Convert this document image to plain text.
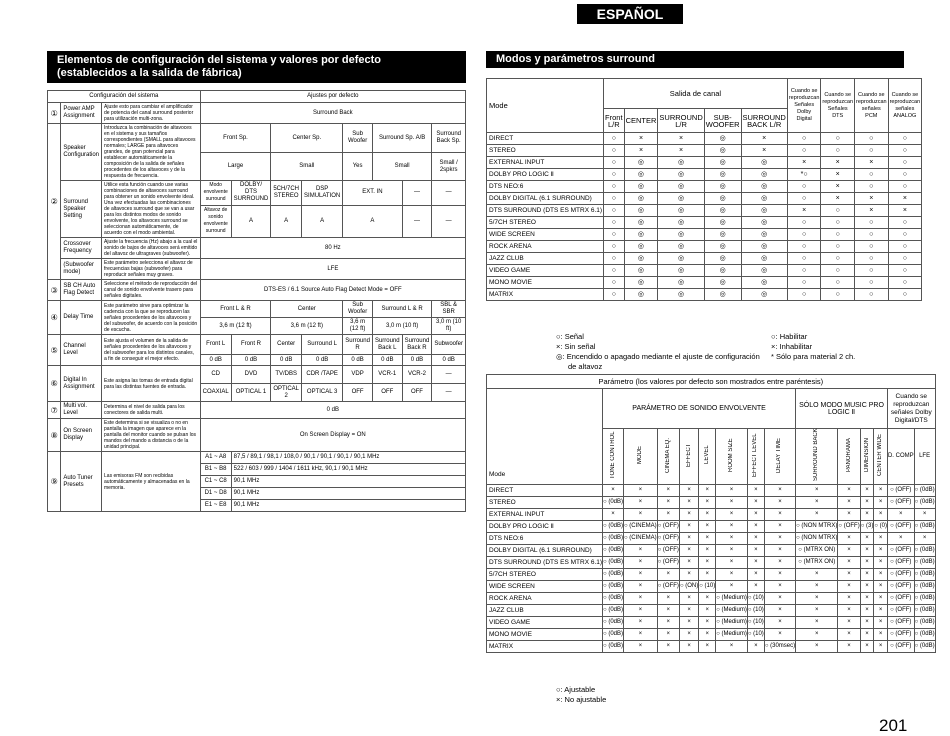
ESPAÑOL
Elementos de configuración del sistema y valores por defecto
(establecidos a la salida de fábrica)
Modos y parámetros surround
Configuración del sistema			Ajustes por defecto							
①	Power AMP Assignment	Ajuste esto para cambiar el amplificador de potencia del canal surround posterior para utilización multi-zona.	Surround Back							
②	Speaker Configuration	Introduzca la combinación de altavoces en el sistema y sus tamaños correspondientes (SMALL para altavoces normales; LARGE para altavoces grandes, de gran potencial para establecer automáticamente la composición de la salida de señales procedentes de los altavoces y de la respuesta de frecuencia.	Front Sp.		Center Sp.		Sub Woofer	Surround Sp. A/B		Surround Back Sp.
			Large		Small		Yes	Small		Small / 2spkrs
	Surround Speaker Setting	Utilice esta función cuando use varias combinaciones de altavoces surround para obtener un sonido envolvente ideal. Una vez efectuadas las combinaciones de altavoces surround que se van a usar para los distintos modos de sonido envolvente, los altavoces surround se seleccionan automáticamente, de acuerdo con el modo ambiental.	Modo envolvente surround	DOLBY/ DTS SURROUND	5CH/7CH STEREO	DSP SIMULATION	EXT. IN		—	—
			Altavoz de sonido envolvente surround	A	A	A	A		—	—
	Crossover Frequency	Ajuste la frecuencia (Hz) abajo a la cual el sonido de bajos de altavoces será emitido del altavoz de ultragraves (subwoofer).	80 Hz							
	(Subwoofer mode)	Este parámetro selecciona el altavoz de frecuencias bajas (subwoofer) para reproducir señales muy graves.	LFE							
③	SB CH Auto Flag Detect	Seleccione el método de reproducción del canal de sonido envolvente trasero para señales digitales.	DTS-ES / 6.1 Source Auto Flag Detect Mode = OFF							
④	Delay Time	Este parámetro sirve para optimizar la cadencia con la que se reproducen las señales procedentes de los altavoces y del subwoofer, de acuerdo con la posición de escucha.	Front L & R		Center		Sub Woofer	Surround L & R		SBL & SBR
			3,6 m (12 ft)		3,6 m (12 ft)		3,6 m (12 ft)	3,0 m (10 ft)		3,0 m (10 ft)
⑤	Channel Level	Este ajusta el volumen de la salida de señales procedentes de los altavoces y del subwoofer para los distintos canales, a fin de conseguir el mejor efecto.	Front L	Front R	Center	Surround L	Surround R	Surround Back L	Surround Back R	Subwoofer
			0 dB	0 dB	0 dB	0 dB	0 dB	0 dB	0 dB	0 dB
⑥	Digital In Assignment	Este asigna las tomas de entrada digital para las distintas fuentes de entrada.	CD	DVD	TV/DBS	CDR /TAPE	VDP	VCR-1	VCR-2	—
			COAXIAL	OPTICAL 1	OPTICAL 2	OPTICAL 3	OFF	OFF	OFF	—
⑦	Multi vol. Level	Determina el nivel de salida para los conectores de salida multi.	0 dB							
⑧	On Screen Display	Este determina si se visualiza o no en pantalla la imagen que aparece en la pantalla del monitor cuando se pulsan los mandos del mando a distancia o de la unidad principal.	On Screen Display = ON							
⑨	Auto Tuner Presets	Las emisoras FM son recibidas automáticamente y almacenadas en la memoria.	A1 ~ A8	87,5 / 89,1 / 98,1 / 108,0 / 90,1 / 90,1 / 90,1 / 90,1 MHz						
			B1 ~ B8	522 / 603 / 999 / 1404 / 1611 kHz, 90,1 / 90,1 MHz						
			C1 ~ C8	90,1 MHz						
			D1 ~ D8	90,1 MHz						
			E1 ~ E8	90,1 MHz						
Mode	Salida de canal					Cuando se reproduzcan Señales Dolby Digital	Cuando se reproduzcan Señales DTS	Cuando se reproduzcan señales PCM	Cuando se reproduzcan señales ANALOG
	Front L/R	CENTER	SURROUND L/R	SUB-WOOFER	SURROUND BACK L/R				
DIRECT	○	×	×	◎	×	○	○	○	○
STEREO	○	×	×	◎	×	○	○	○	○
EXTERNAL INPUT	○	◎	◎	◎	◎	×	×	×	○
DOLBY PRO LOGIC Ⅱ	○	◎	◎	◎	◎	*○	×	○	○
DTS NEO:6	○	◎	◎	◎	◎	○	×	○	○
DOLBY DIGITAL (6.1 SURROUND)	○	◎	◎	◎	◎	○	×	×	×
DTS SURROUND (DTS ES MTRX 6.1)	○	◎	◎	◎	◎	×	○	×	×
5/7CH STEREO	○	◎	◎	◎	◎	○	○	○	○
WIDE SCREEN	○	◎	◎	◎	◎	○	○	○	○
ROCK ARENA	○	◎	◎	◎	◎	○	○	○	○
JAZZ CLUB	○	◎	◎	◎	◎	○	○	○	○
VIDEO GAME	○	◎	◎	◎	◎	○	○	○	○
MONO MOVIE	○	◎	◎	◎	◎	○	○	○	○
MATRIX	○	◎	◎	◎	◎	○	○	○	○
○: Señal
×: Sin señal
◎: Encendido o apagado mediante el ajuste de configuración
de altavoz
○: Habilitar
×: Inhabilitar
* Sólo para material 2 ch.
Parámetro (los valores por defecto son mostrados entre paréntesis)														
Mode	PARÁMETRO DE SONIDO ENVOLVENTE								SÓLO MODO MUSIC PRO LOGIC Ⅱ				Cuando se reproduzcan señales Dolby Digital/DTS	
	TONE CONTROL	MODE	CINEMA EQ.	EFFECT	LEVEL	ROOM SIZE	EFFECT LEVEL	DELAY TIME	SURROUND BACK	PANORAMA	DIMENSION	CENTER WIDE	D. COMP	LFE
DIRECT	×	×	×	×	×	×	×	×	×	×	×	×	○ (OFF)	○ (0dB)
STEREO	○ (0dB)	×	×	×	×	×	×	×	×	×	×	×	○ (OFF)	○ (0dB)
EXTERNAL INPUT	×	×	×	×	×	×	×	×	×	×	×	×	×	×
DOLBY PRO LOGIC Ⅱ	○ (0dB)	○ (CINEMA)	○ (OFF)	×	×	×	×	×	○ (NON MTRX)	○ (OFF)	○ (3)	○ (0)	○ (OFF)	○ (0dB)
DTS NEO:6	○ (0dB)	○ (CINEMA)	○ (OFF)	×	×	×	×	×	○ (NON MTRX)	×	×	×	×	×
DOLBY DIGITAL (6.1 SURROUND)	○ (0dB)	×	○ (OFF)	×	×	×	×	×	○ (MTRX ON)	×	×	×	○ (OFF)	○ (0dB)
DTS SURROUND (DTS ES MTRX 6.1)	○ (0dB)	×	○ (OFF)	×	×	×	×	×	○ (MTRX ON)	×	×	×	○ (OFF)	○ (0dB)
5/7CH STEREO	○ (0dB)	×	×	×	×	×	×	×	×	×	×	×	○ (OFF)	○ (0dB)
WIDE SCREEN	○ (0dB)	×	○ (OFF)	○ (ON)	○ (10)	×	×	×	×	×	×	×	○ (OFF)	○ (0dB)
ROCK ARENA	○ (0dB)	×	×	×	×	○ (Medium)	○ (10)	×	×	×	×	×	○ (OFF)	○ (0dB)
JAZZ CLUB	○ (0dB)	×	×	×	×	○ (Medium)	○ (10)	×	×	×	×	×	○ (OFF)	○ (0dB)
VIDEO GAME	○ (0dB)	×	×	×	×	○ (Medium)	○ (10)	×	×	×	×	×	○ (OFF)	○ (0dB)
MONO MOVIE	○ (0dB)	×	×	×	×	○ (Medium)	○ (10)	×	×	×	×	×	○ (OFF)	○ (0dB)
MATRIX	○ (0dB)	×	×	×	×	×	×	○ (30msec)	×	×	×	×	○ (OFF)	○ (0dB)
○: Ajustable
×: No ajustable
201
